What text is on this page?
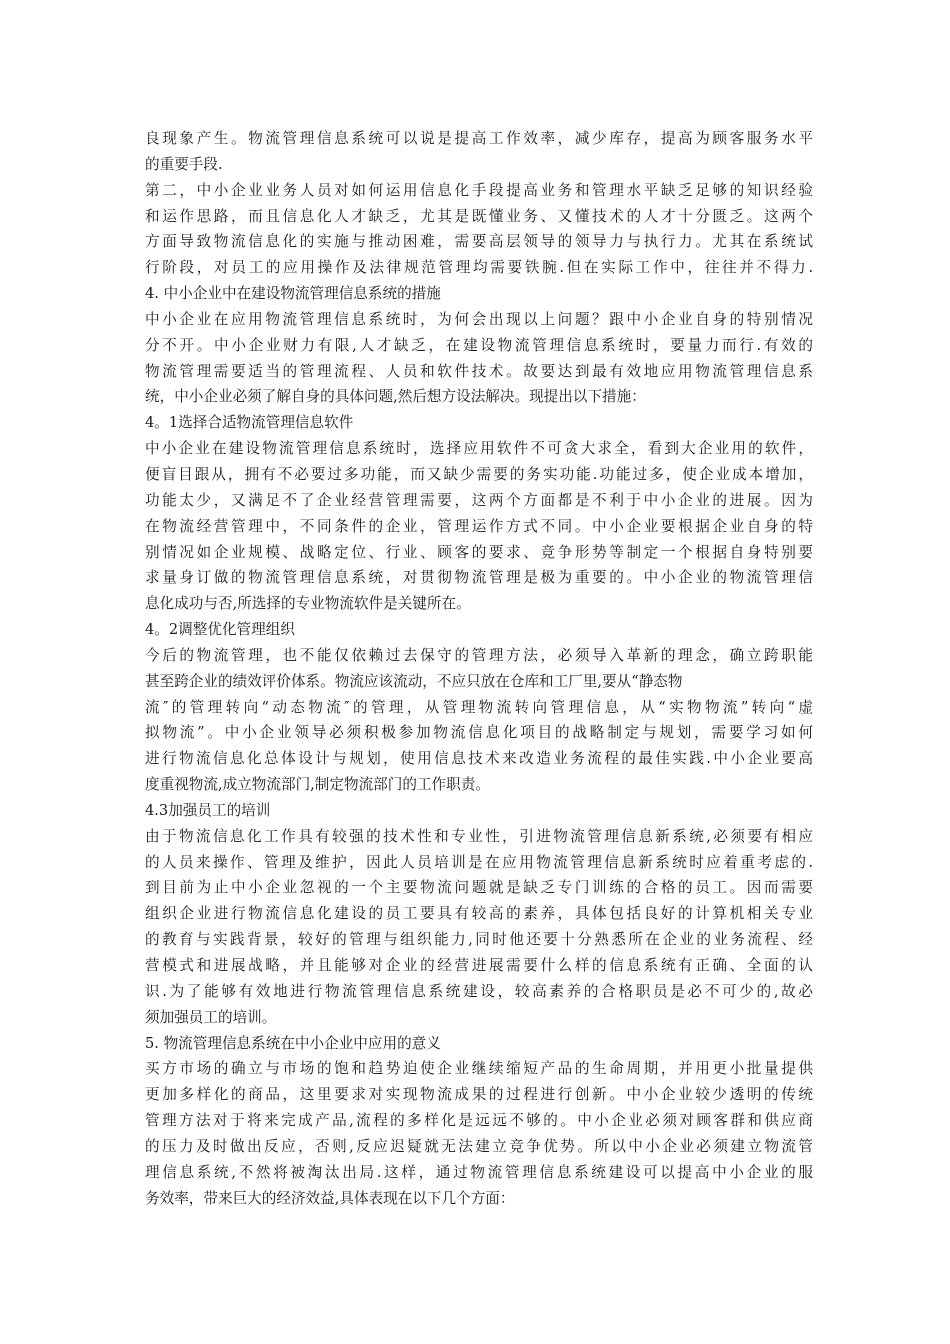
良现象产生。物流管理信息系统可以说是提高工作效率，减少库存，提高为顾客服务水平
的重要手段.
第二，中小企业业务人员对如何运用信息化手段提高业务和管理水平缺乏足够的知识经验
和运作思路，而且信息化人才缺乏，尤其是既懂业务、又懂技术的人才十分匮乏。这两个
方面导致物流信息化的实施与推动困难，需要高层领导的领导力与执行力。尤其在系统试
行阶段，对员工的应用操作及法律规范管理均需要铁腕.但在实际工作中，往往并不得力.
4. 中小企业中在建设物流管理信息系统的措施
中小企业在应用物流管理信息系统时，为何会出现以上问题？跟中小企业自身的特别情况
分不开。中小企业财力有限,人才缺乏，在建设物流管理信息系统时，要量力而行.有效的
物流管理需要适当的管理流程、人员和软件技术。故要达到最有效地应用物流管理信息系
统，中小企业必须了解自身的具体问题,然后想方设法解决。现提出以下措施：
4。1选择合适物流管理信息软件
中小企业在建设物流管理信息系统时，选择应用软件不可贪大求全，看到大企业用的软件，
便盲目跟从，拥有不必要过多功能，而又缺少需要的务实功能.功能过多，使企业成本增加，
功能太少，又满足不了企业经营管理需要，这两个方面都是不利于中小企业的进展。因为
在物流经营管理中，不同条件的企业，管理运作方式不同。中小企业要根据企业自身的特
别情况如企业规模、战略定位、行业、顾客的要求、竞争形势等制定一个根据自身特别要
求量身订做的物流管理信息系统，对贯彻物流管理是极为重要的。中小企业的物流管理信
息化成功与否,所选择的专业物流软件是关键所在。
4。2调整优化管理组织
今后的物流管理，也不能仅依赖过去保守的管理方法，必须导入革新的理念，确立跨职能
甚至跨企业的绩效评价体系。物流应该流动，不应只放在仓库和工厂里,要从“静态物
流″的管理转向“动态物流″的管理，从管理物流转向管理信息，从“实物物流”转向“虚
拟物流”。中小企业领导必须积极参加物流信息化项目的战略制定与规划，需要学习如何
进行物流信息化总体设计与规划，使用信息技术来改造业务流程的最佳实践.中小企业要高
度重视物流,成立物流部门,制定物流部门的工作职责。
4.3加强员工的培训
由于物流信息化工作具有较强的技术性和专业性，引进物流管理信息新系统,必须要有相应
的人员来操作、管理及维护，因此人员培训是在应用物流管理信息新系统时应着重考虑的.
到目前为止中小企业忽视的一个主要物流问题就是缺乏专门训练的合格的员工。因而需要
组织企业进行物流信息化建设的员工要具有较高的素养，具体包括良好的计算机相关专业
的教育与实践背景，较好的管理与组织能力,同时他还要十分熟悉所在企业的业务流程、经
营模式和进展战略，并且能够对企业的经营进展需要什么样的信息系统有正确、全面的认
识.为了能够有效地进行物流管理信息系统建设，较高素养的合格职员是必不可少的,故必
须加强员工的培训。
5. 物流管理信息系统在中小企业中应用的意义
买方市场的确立与市场的饱和趋势迫使企业继续缩短产品的生命周期，并用更小批量提供
更加多样化的商品，这里要求对实现物流成果的过程进行创新。中小企业较少透明的传统
管理方法对于将来完成产品,流程的多样化是远远不够的。中小企业必须对顾客群和供应商
的压力及时做出反应，否则,反应迟疑就无法建立竞争优势。所以中小企业必须建立物流管
理信息系统,不然将被淘汰出局.这样，通过物流管理信息系统建设可以提高中小企业的服
务效率，带来巨大的经济效益,具体表现在以下几个方面：
